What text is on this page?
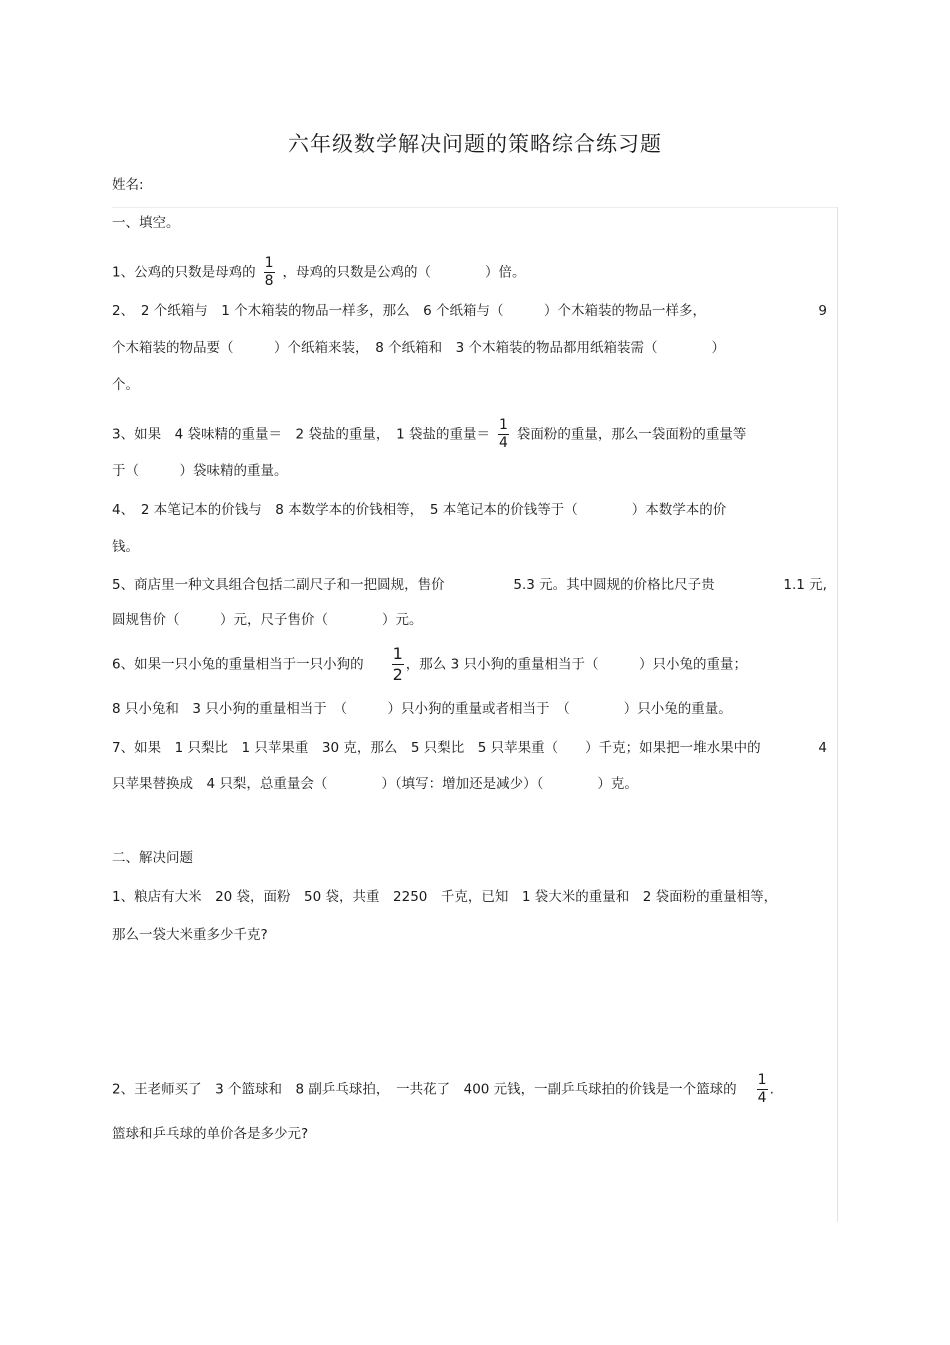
六年级数学解决问题的策略综合练习题
姓名:
一、填空。
1、公鸡的只数是母鸡的 $\frac{1}{8}$ ，母鸡的只数是公鸡的（　　　　）倍。
2、　2 个纸箱与　1 个木箱装的物品一样多，那么　6 个纸箱与（　　　）个木箱装的物品一样多，	9
个木箱装的物品要（　　　）个纸箱来装，　8 个纸箱和　3 个木箱装的物品都用纸箱装需（　　　　）
个。
3、如果　4 袋味精的重量＝　2 袋盐的重量，　1 袋盐的重量＝ $\frac{1}{4}$ 袋面粉的重量，那么一袋面粉的重量等
于（　　　）袋味精的重量。
4、　2 本笔记本的价钱与　8 本数学本的价钱相等，　5 本笔记本的价钱等于（　　　　）本数学本的价
钱。
5、商店里一种文具组合包括二副尺子和一把圆规，售价	5.3 元。其中圆规的价格比尺子贵	1.1 元,
圆规售价（　　　）元，尺子售价（　　　　）元。
6、如果一只小兔的重量相当于一只小狗的 $\frac{1}{2}$ ，那么 3 只小狗的重量相当于（　　　）只小兔的重量；
8 只小兔和　3 只小狗的重量相当于　（　　　）只小狗的重量或者相当于　（　　　　）只小兔的重量。
7、如果　1 只梨比　1 只苹果重　30 克，那么　5 只梨比　5 只苹果重（　　）千克；如果把一堆水果中的	4
只苹果替换成　4 只梨，总重量会（　　　　）（填写：增加还是减少）（　　　　）克。
二、解决问题
1、粮店有大米　20 袋，面粉　50 袋，共重　2250　千克，已知　1 袋大米的重量和　2 袋面粉的重量相等，
那么一袋大米重多少千克?
2、王老师买了　3 个篮球和　8 副乒乓球拍，　一共花了　400 元钱，一副乒乓球拍的价钱是一个篮球的 $\frac{1}{4}$ .
篮球和乒乓球的单价各是多少元?
